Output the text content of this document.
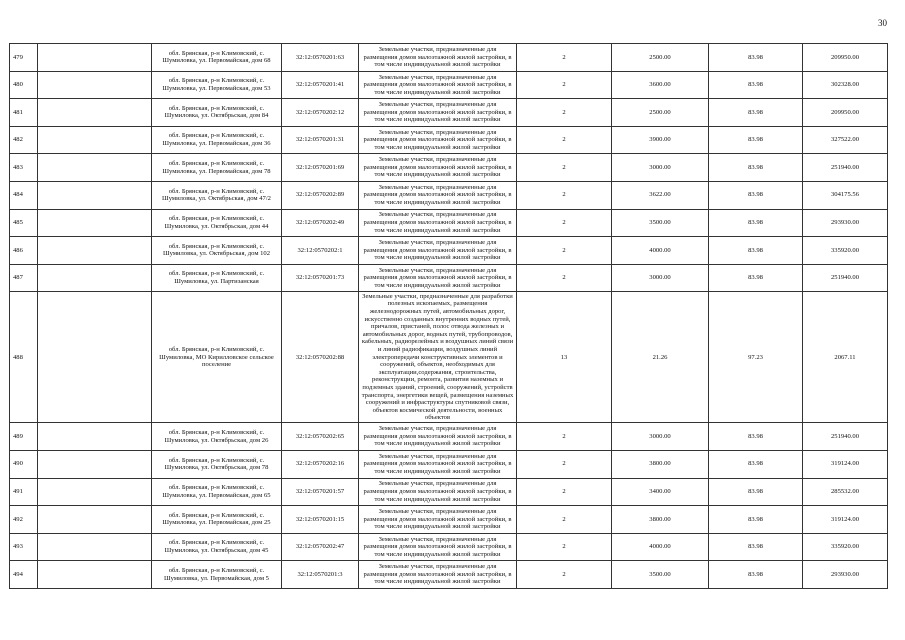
30
479		обл. Брянская, р-н Климовский, с. Шумиловка, ул. Первомайская, дом 68	32:12:0570201:63	Земельные участки, предназначенные для размещения домов малоэтажной жилой застройки, в том числе индивидуальной жилой застройки	2	2500.00	83.98	209950.00
480		обл. Брянская, р-н Климовский, с. Шумиловка, ул. Первомайская, дом 53	32:12:0570201:41	Земельные участки, предназначенные для размещения домов малоэтажной жилой застройки, в том числе индивидуальной жилой застройки	2	3600.00	83.98	302328.00
481		обл. Брянская, р-н Климовский, с. Шумиловка, ул. Октябрьская, дом 84	32:12:0570202:12	Земельные участки, предназначенные для размещения домов малоэтажной жилой застройки, в том числе индивидуальной жилой застройки	2	2500.00	83.98	209950.00
482		обл. Брянская, р-н Климовский, с. Шумиловка, ул. Первомайская, дом 36	32:12:0570201:31	Земельные участки, предназначенные для размещения домов малоэтажной жилой застройки, в том числе индивидуальной жилой застройки	2	3900.00	83.98	327522.00
483		обл. Брянская, р-н Климовский, с. Шумиловка, ул. Первомайская, дом 78	32:12:0570201:69	Земельные участки, предназначенные для размещения домов малоэтажной жилой застройки, в том числе индивидуальной жилой застройки	2	3000.00	83.98	251940.00
484		обл. Брянская, р-н Климовский, с. Шумиловка, ул. Октябрьская, дом 47/2	32:12:0570202:89	Земельные участки, предназначенные для размещения домов малоэтажной жилой застройки, в том числе индивидуальной жилой застройки	2	3622.00	83.98	304175.56
485		обл. Брянская, р-н Климовский, с. Шумиловка, ул. Октябрьская, дом 44	32:12:0570202:49	Земельные участки, предназначенные для размещения домов малоэтажной жилой застройки, в том числе индивидуальной жилой застройки	2	3500.00	83.98	293930.00
486		обл. Брянская, р-н Климовский, с. Шумиловка, ул. Октябрьская, дом 102	32:12:0570202:1	Земельные участки, предназначенные для размещения домов малоэтажной жилой застройки, в том числе индивидуальной жилой застройки	2	4000.00	83.98	335920.00
487		обл. Брянская, р-н Климовский, с. Шумиловка, ул. Партизанская	32:12:0570201:73	Земельные участки, предназначенные для размещения домов малоэтажной жилой застройки, в том числе индивидуальной жилой застройки	2	3000.00	83.98	251940.00
488		обл. Брянская, р-н Климовский, с. Шумиловка, МО Кирилловское сельское поселение	32:12:0570202:88	Земельные участки, предназначенные для разработки полезных ископаемых, размещения железнодорожных путей, автомобильных дорог, искусственно созданных внутренних водных путей, причалов, пристаней, полос отвода железных и автомобильных дорог, водных путей, трубопроводов, кабельных, радиорелейных и воздушных линий связи и линий радиофикации, воздушных линий электропередачи конструктивных элементов и сооружений, объектов, необходимых для эксплуатации,содержания, строительства, реконструкции, ремонта, развития наземных и подземных зданий, строений, сооружений, устройств транспорта, энергетики вещей, размещения наземных сооружений и инфраструктуры спутниковой связи, объектов космической деятельности, военных объектов	13	21.26	97.23	2067.11
489		обл. Брянская, р-н Климовский, с. Шумиловка, ул. Октябрьская, дом 26	32:12:0570202:65	Земельные участки, предназначенные для размещения домов малоэтажной жилой застройки, в том числе индивидуальной жилой застройки	2	3000.00	83.98	251940.00
490		обл. Брянская, р-н Климовский, с. Шумиловка, ул. Октябрьская, дом 78	32:12:0570202:16	Земельные участки, предназначенные для размещения домов малоэтажной жилой застройки, в том числе индивидуальной жилой застройки	2	3800.00	83.98	319124.00
491		обл. Брянская, р-н Климовский, с. Шумиловка, ул. Первомайская, дом 65	32:12:0570201:57	Земельные участки, предназначенные для размещения домов малоэтажной жилой застройки, в том числе индивидуальной жилой застройки	2	3400.00	83.98	285532.00
492		обл. Брянская, р-н Климовский, с. Шумиловка, ул. Первомайская, дом 25	32:12:0570201:15	Земельные участки, предназначенные для размещения домов малоэтажной жилой застройки, в том числе индивидуальной жилой застройки	2	3800.00	83.98	319124.00
493		обл. Брянская, р-н Климовский, с. Шумиловка, ул. Октябрьская, дом 45	32:12:0570202:47	Земельные участки, предназначенные для размещения домов малоэтажной жилой застройки, в том числе индивидуальной жилой застройки	2	4000.00	83.98	335920.00
494		обл. Брянская, р-н Климовский, с. Шумиловка, ул. Первомайская, дом 5	32:12:0570201:3	Земельные участки, предназначенные для размещения домов малоэтажной жилой застройки, в том числе индивидуальной жилой застройки	2	3500.00	83.98	293930.00
